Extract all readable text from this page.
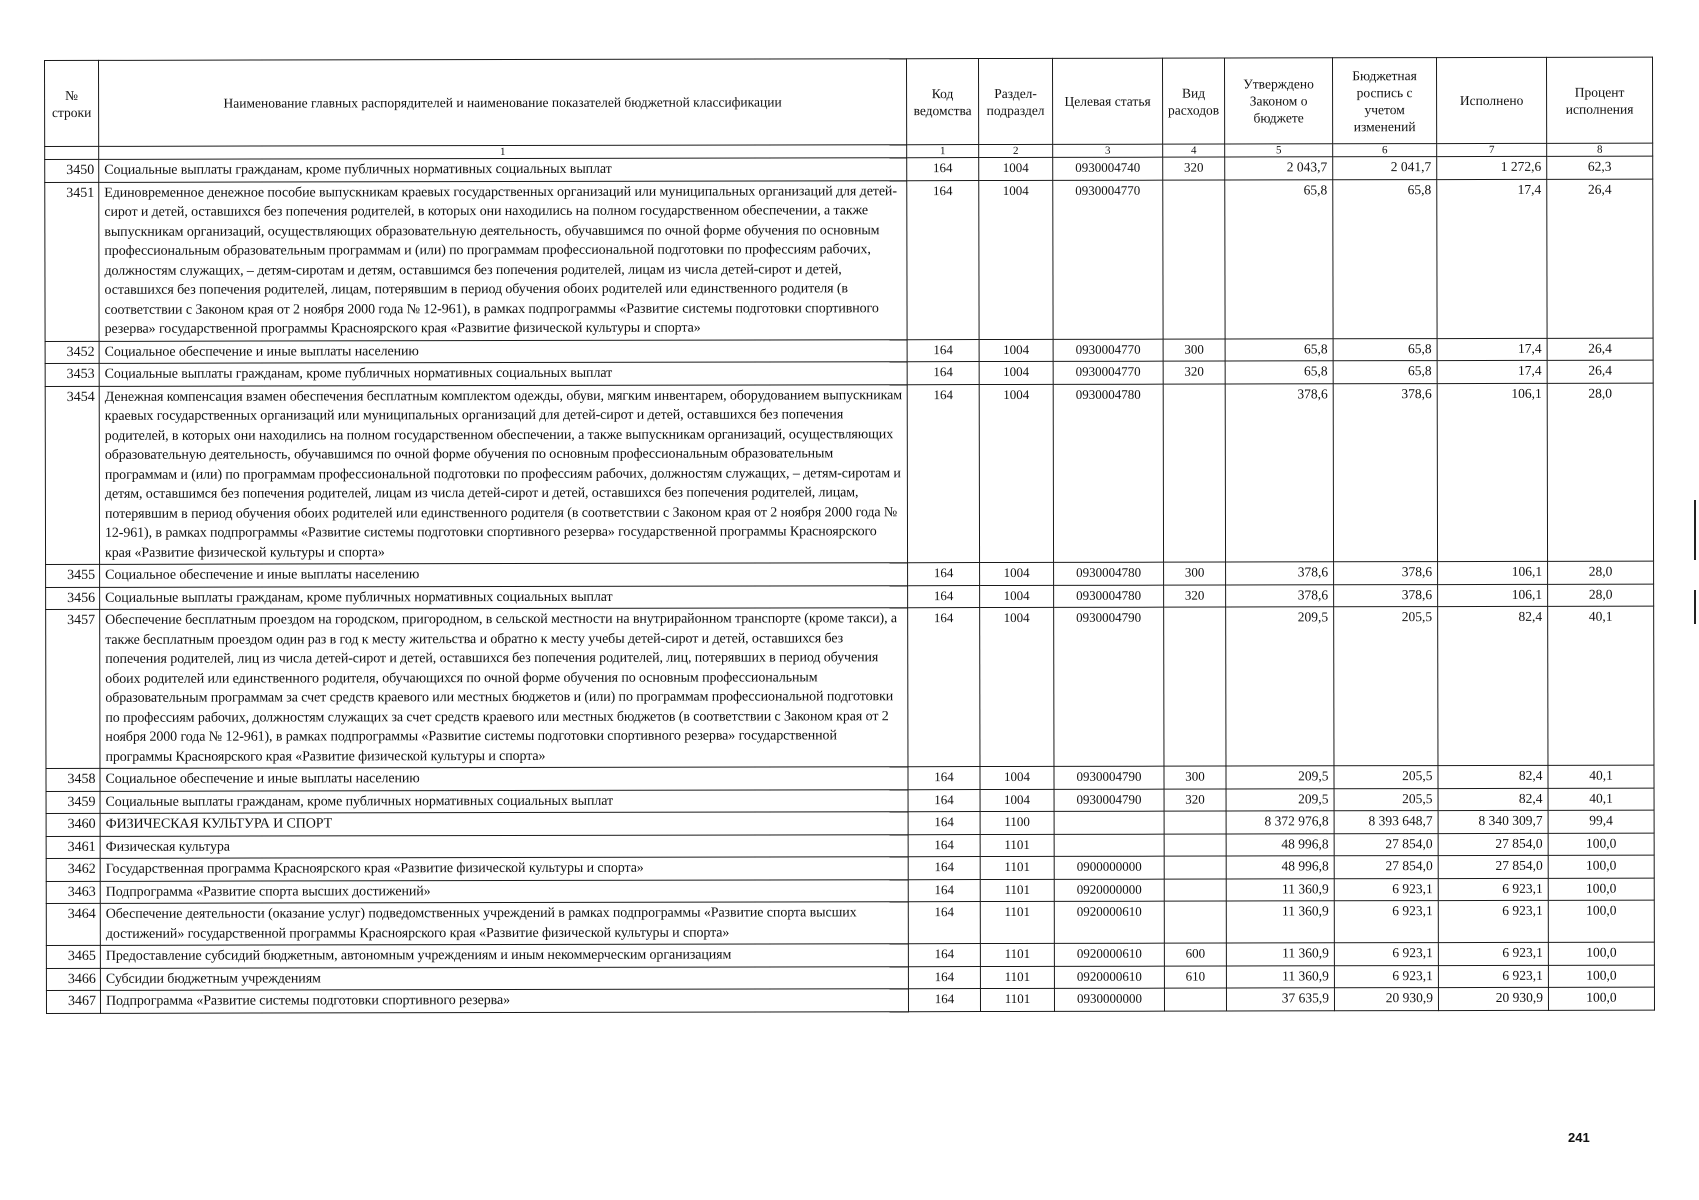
№ строки	Наименование главных распорядителей и наименование показателей бюджетной классификации	Код ведомства	Раздел-подраздел	Целевая статья	Вид расходов	Утверждено Законом о бюджете	Бюджетная роспись с учетом изменений	Исполнено	Процент исполнения
	1	1	2	3	4	5	6	7	8
3450	Социальные выплаты гражданам, кроме публичных нормативных социальных выплат	164	1004	0930004740	320	2 043,7	2 041,7	1 272,6	62,3
3451	Единовременное денежное пособие выпускникам краевых государственных организаций или муниципальных организаций для детей-сирот и детей, оставшихся без попечения родителей, в которых они находились на полном государственном обеспечении, а также выпускникам организаций, осуществляющих образовательную деятельность, обучавшимся по очной форме обучения по основным профессиональным образовательным программам и (или) по программам профессиональной подготовки по профессиям рабочих, должностям служащих, – детям-сиротам и детям, оставшимся без попечения родителей, лицам из числа детей-сирот и детей, оставшихся без попечения родителей, лицам, потерявшим в период обучения обоих родителей или единственного родителя (в соответствии с Законом края от 2 ноября 2000 года № 12-961), в рамках подпрограммы «Развитие системы подготовки спортивного резерва» государственной программы Красноярского края «Развитие физической культуры и спорта»	164	1004	0930004770		65,8	65,8	17,4	26,4
3452	Социальное обеспечение и иные выплаты населению	164	1004	0930004770	300	65,8	65,8	17,4	26,4
3453	Социальные выплаты гражданам, кроме публичных нормативных социальных выплат	164	1004	0930004770	320	65,8	65,8	17,4	26,4
3454	Денежная компенсация взамен обеспечения бесплатным комплектом одежды, обуви, мягким инвентарем, оборудованием выпускникам краевых государственных организаций или муниципальных организаций для детей-сирот и детей, оставшихся без попечения родителей, в которых они находились на полном государственном обеспечении, а также выпускникам организаций, осуществляющих образовательную деятельность, обучавшимся по очной форме обучения по основным профессиональным образовательным программам и (или) по программам профессиональной подготовки по профессиям рабочих, должностям служащих, – детям-сиротам и детям, оставшимся без попечения родителей, лицам из числа детей-сирот и детей, оставшихся без попечения родителей, лицам, потерявшим в период обучения обоих родителей или единственного родителя (в соответствии с Законом края от 2 ноября 2000 года № 12-961), в рамках подпрограммы «Развитие системы подготовки спортивного резерва» государственной программы Красноярского края «Развитие физической культуры и спорта»	164	1004	0930004780		378,6	378,6	106,1	28,0
3455	Социальное обеспечение и иные выплаты населению	164	1004	0930004780	300	378,6	378,6	106,1	28,0
3456	Социальные выплаты гражданам, кроме публичных нормативных социальных выплат	164	1004	0930004780	320	378,6	378,6	106,1	28,0
3457	Обеспечение бесплатным проездом на городском, пригородном, в сельской местности на внутрирайонном транспорте (кроме такси), а также бесплатным проездом один раз в год к месту жительства и обратно к месту учебы детей-сирот и детей, оставшихся без попечения родителей, лиц из числа детей-сирот и детей, оставшихся без попечения родителей, лиц, потерявших в период обучения обоих родителей или единственного родителя, обучающихся по очной форме обучения по основным профессиональным образовательным программам за счет средств краевого или местных бюджетов и (или) по программам профессиональной подготовки по профессиям рабочих, должностям служащих за счет средств краевого или местных бюджетов (в соответствии с Законом края от 2 ноября 2000 года № 12-961), в рамках подпрограммы «Развитие системы подготовки спортивного резерва» государственной программы Красноярского края «Развитие физической культуры и спорта»	164	1004	0930004790		209,5	205,5	82,4	40,1
3458	Социальное обеспечение и иные выплаты населению	164	1004	0930004790	300	209,5	205,5	82,4	40,1
3459	Социальные выплаты гражданам, кроме публичных нормативных социальных выплат	164	1004	0930004790	320	209,5	205,5	82,4	40,1
3460	ФИЗИЧЕСКАЯ КУЛЬТУРА И СПОРТ	164	1100			8 372 976,8	8 393 648,7	8 340 309,7	99,4
3461	Физическая культура	164	1101			48 996,8	27 854,0	27 854,0	100,0
3462	Государственная программа Красноярского края «Развитие физической культуры и спорта»	164	1101	0900000000		48 996,8	27 854,0	27 854,0	100,0
3463	Подпрограмма «Развитие спорта высших достижений»	164	1101	0920000000		11 360,9	6 923,1	6 923,1	100,0
3464	Обеспечение деятельности (оказание услуг) подведомственных учреждений в рамках подпрограммы «Развитие спорта высших достижений» государственной программы Красноярского края «Развитие физической культуры и спорта»	164	1101	0920000610		11 360,9	6 923,1	6 923,1	100,0
3465	Предоставление субсидий бюджетным, автономным учреждениям и иным некоммерческим организациям	164	1101	0920000610	600	11 360,9	6 923,1	6 923,1	100,0
3466	Субсидии бюджетным учреждениям	164	1101	0920000610	610	11 360,9	6 923,1	6 923,1	100,0
3467	Подпрограмма «Развитие системы подготовки спортивного резерва»	164	1101	0930000000		37 635,9	20 930,9	20 930,9	100,0
241
